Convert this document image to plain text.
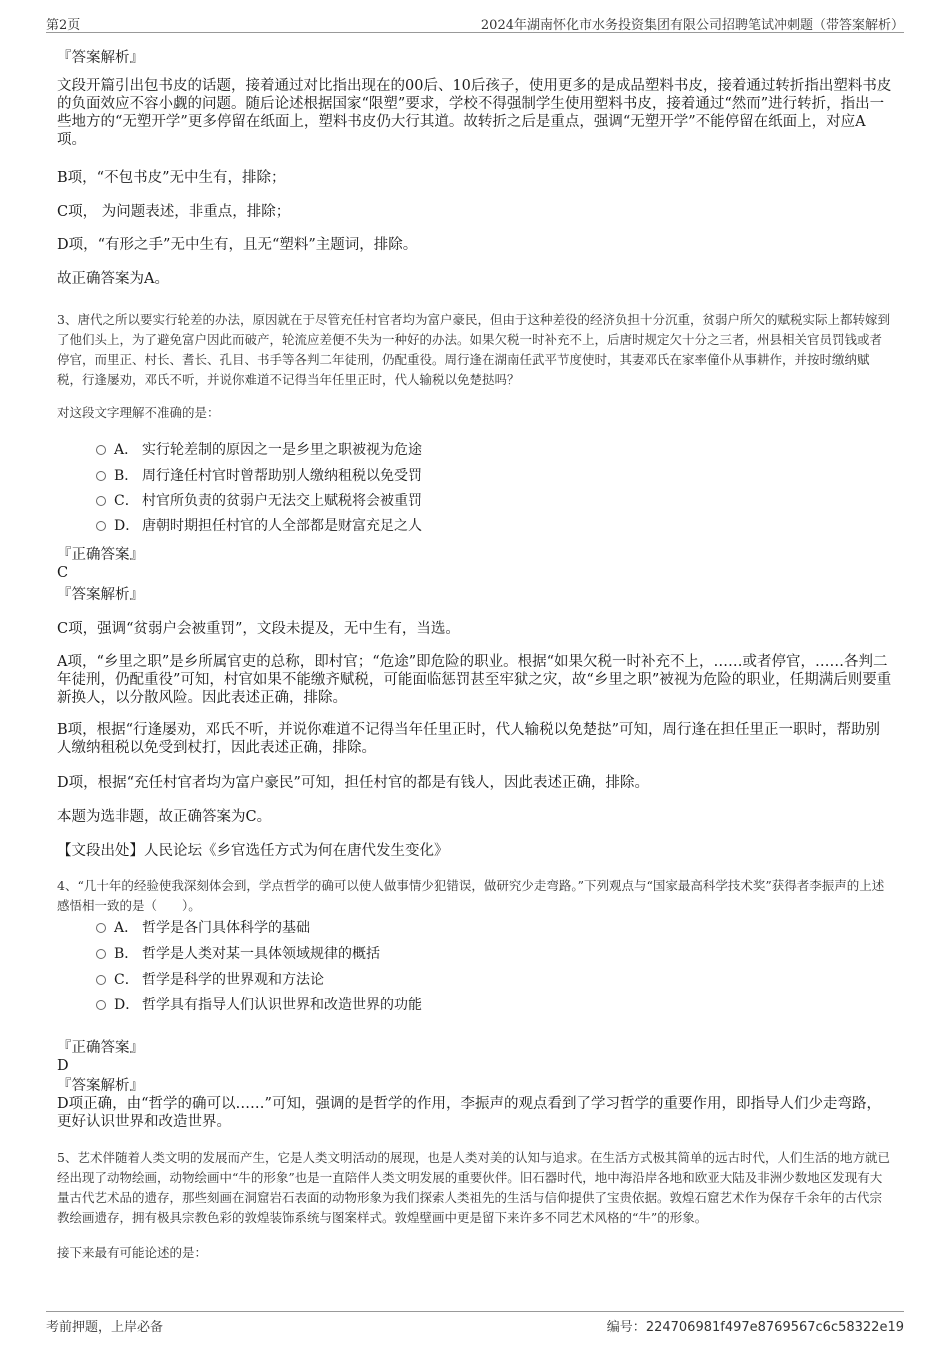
第2页	2024年湖南怀化市水务投资集团有限公司招聘笔试冲刺题（带答案解析）
『答案解析』
文段开篇引出包书皮的话题，接着通过对比指出现在的00后、10后孩子，使用更多的是成品塑料书皮，接着通过转折指出塑料书皮的负面效应不容小觑的问题。随后论述根据国家“限塑”要求，学校不得强制学生使用塑料书皮，接着通过“然而”进行转折，指出一些地方的“无塑开学”更多停留在纸面上，塑料书皮仍大行其道。故转折之后是重点，强调“无塑开学”不能停留在纸面上，对应A项。
B项，“不包书皮”无中生有，排除；
C项， 为问题表述，非重点，排除；
D项，“有形之手”无中生有，且无“塑料”主题词，排除。
故正确答案为A。
3、唐代之所以要实行轮差的办法，原因就在于尽管充任村官者均为富户豪民，但由于这种差役的经济负担十分沉重，贫弱户所欠的赋税实际上都转嫁到了他们头上，为了避免富户因此而破产，轮流应差便不失为一种好的办法。如果欠税一时补充不上，后唐时规定欠十分之三者，州县相关官员罚钱或者停官，而里正、村长、耆长、孔目、书手等各判二年徒刑，仍配重役。周行逢在湖南任武平节度使时，其妻邓氏在家率僮仆从事耕作，并按时缴纳赋税，行逢屡劝，邓氏不听，并说你难道不记得当年任里正时，代人输税以免楚挞吗？
对这段文字理解不准确的是：
A． 实行轮差制的原因之一是乡里之职被视为危途
B． 周行逢任村官时曾帮助别人缴纳租税以免受罚
C． 村官所负责的贫弱户无法交上赋税将会被重罚
D． 唐朝时期担任村官的人全部都是财富充足之人
『正确答案』
C
『答案解析』
C项，强调“贫弱户会被重罚”，文段未提及，无中生有，当选。
A项，“乡里之职”是乡所属官吏的总称，即村官；“危途”即危险的职业。根据“如果欠税一时补充不上，……或者停官，……各判二年徒刑，仍配重役”可知，村官如果不能缴齐赋税，可能面临惩罚甚至牢狱之灾，故“乡里之职”被视为危险的职业，任期满后则要重新换人，以分散风险。因此表述正确，排除。
B项，根据“行逢屡劝，邓氏不听，并说你难道不记得当年任里正时，代人输税以免楚挞”可知，周行逢在担任里正一职时，帮助别人缴纳租税以免受到杖打，因此表述正确，排除。
D项，根据“充任村官者均为富户豪民”可知，担任村官的都是有钱人，因此表述正确，排除。
本题为选非题，故正确答案为C。
【文段出处】人民论坛《乡官选任方式为何在唐代发生变化》
4、“几十年的经验使我深刻体会到，学点哲学的确可以使人做事情少犯错误，做研究少走弯路。”下列观点与“国家最高科学技术奖”获得者李振声的上述感悟相一致的是（　　）。
A． 哲学是各门具体科学的基础
B． 哲学是人类对某一具体领域规律的概括
C． 哲学是科学的世界观和方法论
D． 哲学具有指导人们认识世界和改造世界的功能
『正确答案』
D
『答案解析』
D项正确，由“哲学的确可以……”可知，强调的是哲学的作用，李振声的观点看到了学习哲学的重要作用，即指导人们少走弯路，更好认识世界和改造世界。
5、艺术伴随着人类文明的发展而产生，它是人类文明活动的展现，也是人类对美的认知与追求。在生活方式极其简单的远古时代，人们生活的地方就已经出现了动物绘画，动物绘画中“牛的形象”也是一直陪伴人类文明发展的重要伙伴。旧石器时代，地中海沿岸各地和欧亚大陆及非洲少数地区发现有大量古代艺术品的遗存，那些刻画在洞窟岩石表面的动物形象为我们探索人类祖先的生活与信仰提供了宝贵依据。敦煌石窟艺术作为保存千余年的古代宗教绘画遗存，拥有极具宗教色彩的敦煌装饰系统与图案样式。敦煌壁画中更是留下来许多不同艺术风格的“牛”的形象。
接下来最有可能论述的是：
考前押题，上岸必备	编号：224706981f497e8769567c6c58322e19
